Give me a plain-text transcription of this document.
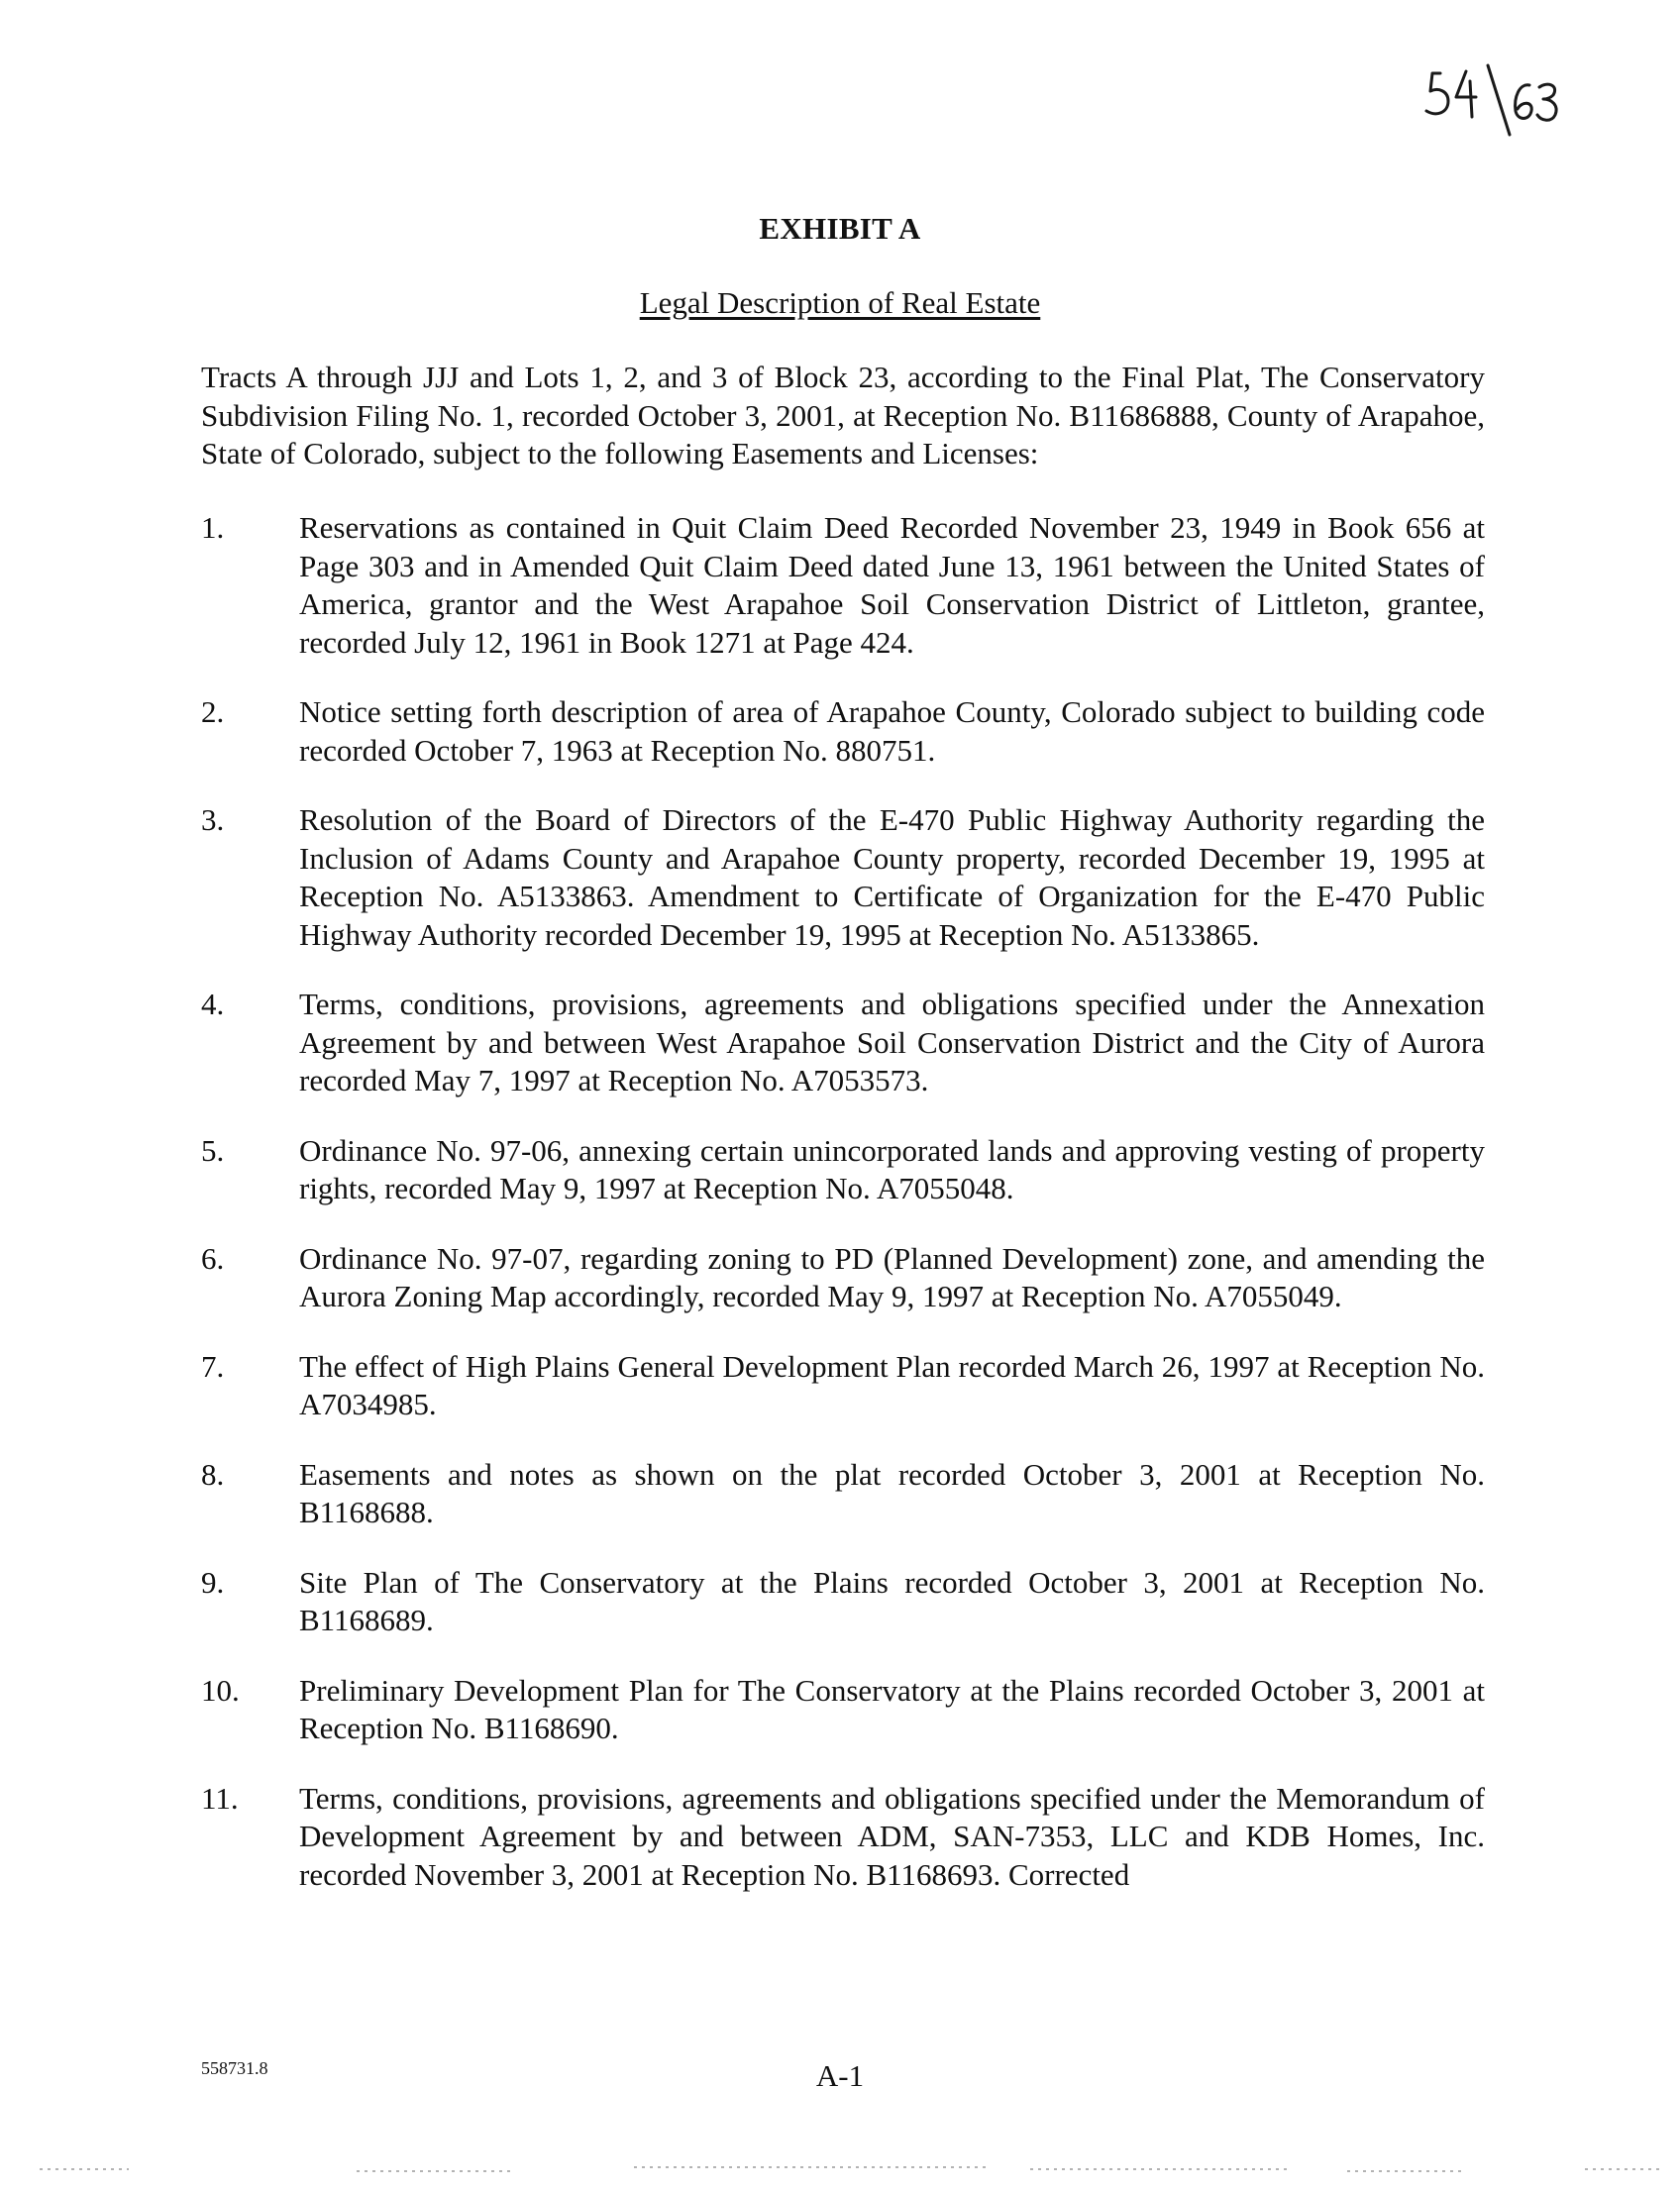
EXHIBIT A
Legal Description of Real Estate
Tracts A through JJJ and Lots 1, 2, and 3 of Block 23, according to the Final Plat, The Conservatory Subdivision Filing No. 1, recorded October 3, 2001, at Reception No. B11686888, County of Arapahoe, State of Colorado, subject to the following Easements and Licenses:
1.	Reservations as contained in Quit Claim Deed Recorded November 23, 1949 in Book 656 at Page 303 and in Amended Quit Claim Deed dated June 13, 1961 between the United States of America, grantor and the West Arapahoe Soil Conservation District of Littleton, grantee, recorded July 12, 1961 in Book 1271 at Page 424.
2.	Notice setting forth description of area of Arapahoe County, Colorado subject to building code recorded October 7, 1963 at Reception No. 880751.
3.	Resolution of the Board of Directors of the E-470 Public Highway Authority regarding the Inclusion of Adams County and Arapahoe County property, recorded December 19, 1995 at Reception No. A5133863. Amendment to Certificate of Organization for the E-470 Public Highway Authority recorded December 19, 1995 at Reception No. A5133865.
4.	Terms, conditions, provisions, agreements and obligations specified under the Annexation Agreement by and between West Arapahoe Soil Conservation District and the City of Aurora recorded May 7, 1997 at Reception No. A7053573.
5.	Ordinance No. 97-06, annexing certain unincorporated lands and approving vesting of property rights, recorded May 9, 1997 at Reception No. A7055048.
6.	Ordinance No. 97-07, regarding zoning to PD (Planned Development) zone, and amending the Aurora Zoning Map accordingly, recorded May 9, 1997 at Reception No. A7055049.
7.	The effect of High Plains General Development Plan recorded March 26, 1997 at Reception No. A7034985.
8.	Easements and notes as shown on the plat recorded October 3, 2001 at Reception No. B1168688.
9.	Site Plan of The Conservatory at the Plains recorded October 3, 2001 at Reception No. B1168689.
10.	Preliminary Development Plan for The Conservatory at the Plains recorded October 3, 2001 at Reception No. B1168690.
11.	Terms, conditions, provisions, agreements and obligations specified under the Memorandum of Development Agreement by and between ADM, SAN-7353, LLC and KDB Homes, Inc. recorded November 3, 2001 at Reception No. B1168693. Corrected
558731.8	A-1
